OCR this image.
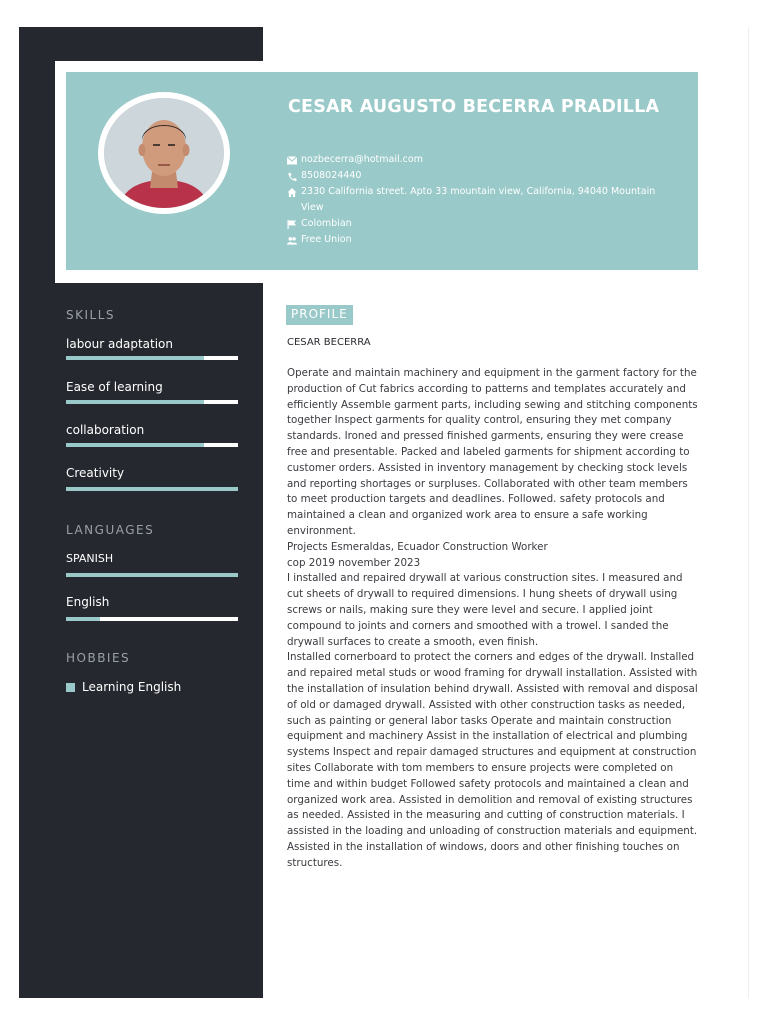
CESAR AUGUSTO BECERRA PRADILLA
nozbecerra@hotmail.com
8508024440
2330 California street. Apto 33 mountain view, California, 94040 Mountain View
Colombian
Free Union
SKILLS
labour adaptation
Ease of learning
collaboration
Creativity
LANGUAGES
SPANISH
English
HOBBIES
Learning English
PROFILE
CESAR BECERRA

Operate and maintain machinery and equipment in the garment factory for the production of Cut fabrics according to patterns and templates accurately and efficiently Assemble garment parts, including sewing and stitching components together Inspect garments for quality control, ensuring they met company standards. Ironed and pressed finished garments, ensuring they were crease free and presentable. Packed and labeled garments for shipment according to customer orders. Assisted in inventory management by checking stock levels and reporting shortages or surpluses. Collaborated with other team members to meet production targets and deadlines. Followed. safety protocols and maintained a clean and organized work area to ensure a safe working environment.

Projects Esmeraldas, Ecuador Construction Worker

cop 2019 november 2023

I installed and repaired drywall at various construction sites. I measured and cut sheets of drywall to required dimensions. I hung sheets of drywall using screws or nails, making sure they were level and secure. I applied joint compound to joints and corners and smoothed with a trowel. I sanded the drywall surfaces to create a smooth, even finish.

Installed cornerboard to protect the corners and edges of the drywall. Installed and repaired metal studs or wood framing for drywall installation. Assisted with the installation of insulation behind drywall. Assisted with removal and disposal of old or damaged drywall. Assisted with other construction tasks as needed, such as painting or general labor tasks Operate and maintain construction equipment and machinery Assist in the installation of electrical and plumbing systems Inspect and repair damaged structures and equipment at construction sites Collaborate with tom members to ensure projects were completed on time and within budget Followed safety protocols and maintained a clean and organized work area. Assisted in demolition and removal of existing structures as needed. Assisted in the measuring and cutting of construction materials. I assisted in the loading and unloading of construction materials and equipment. Assisted in the installation of windows, doors and other finishing touches on structures.
